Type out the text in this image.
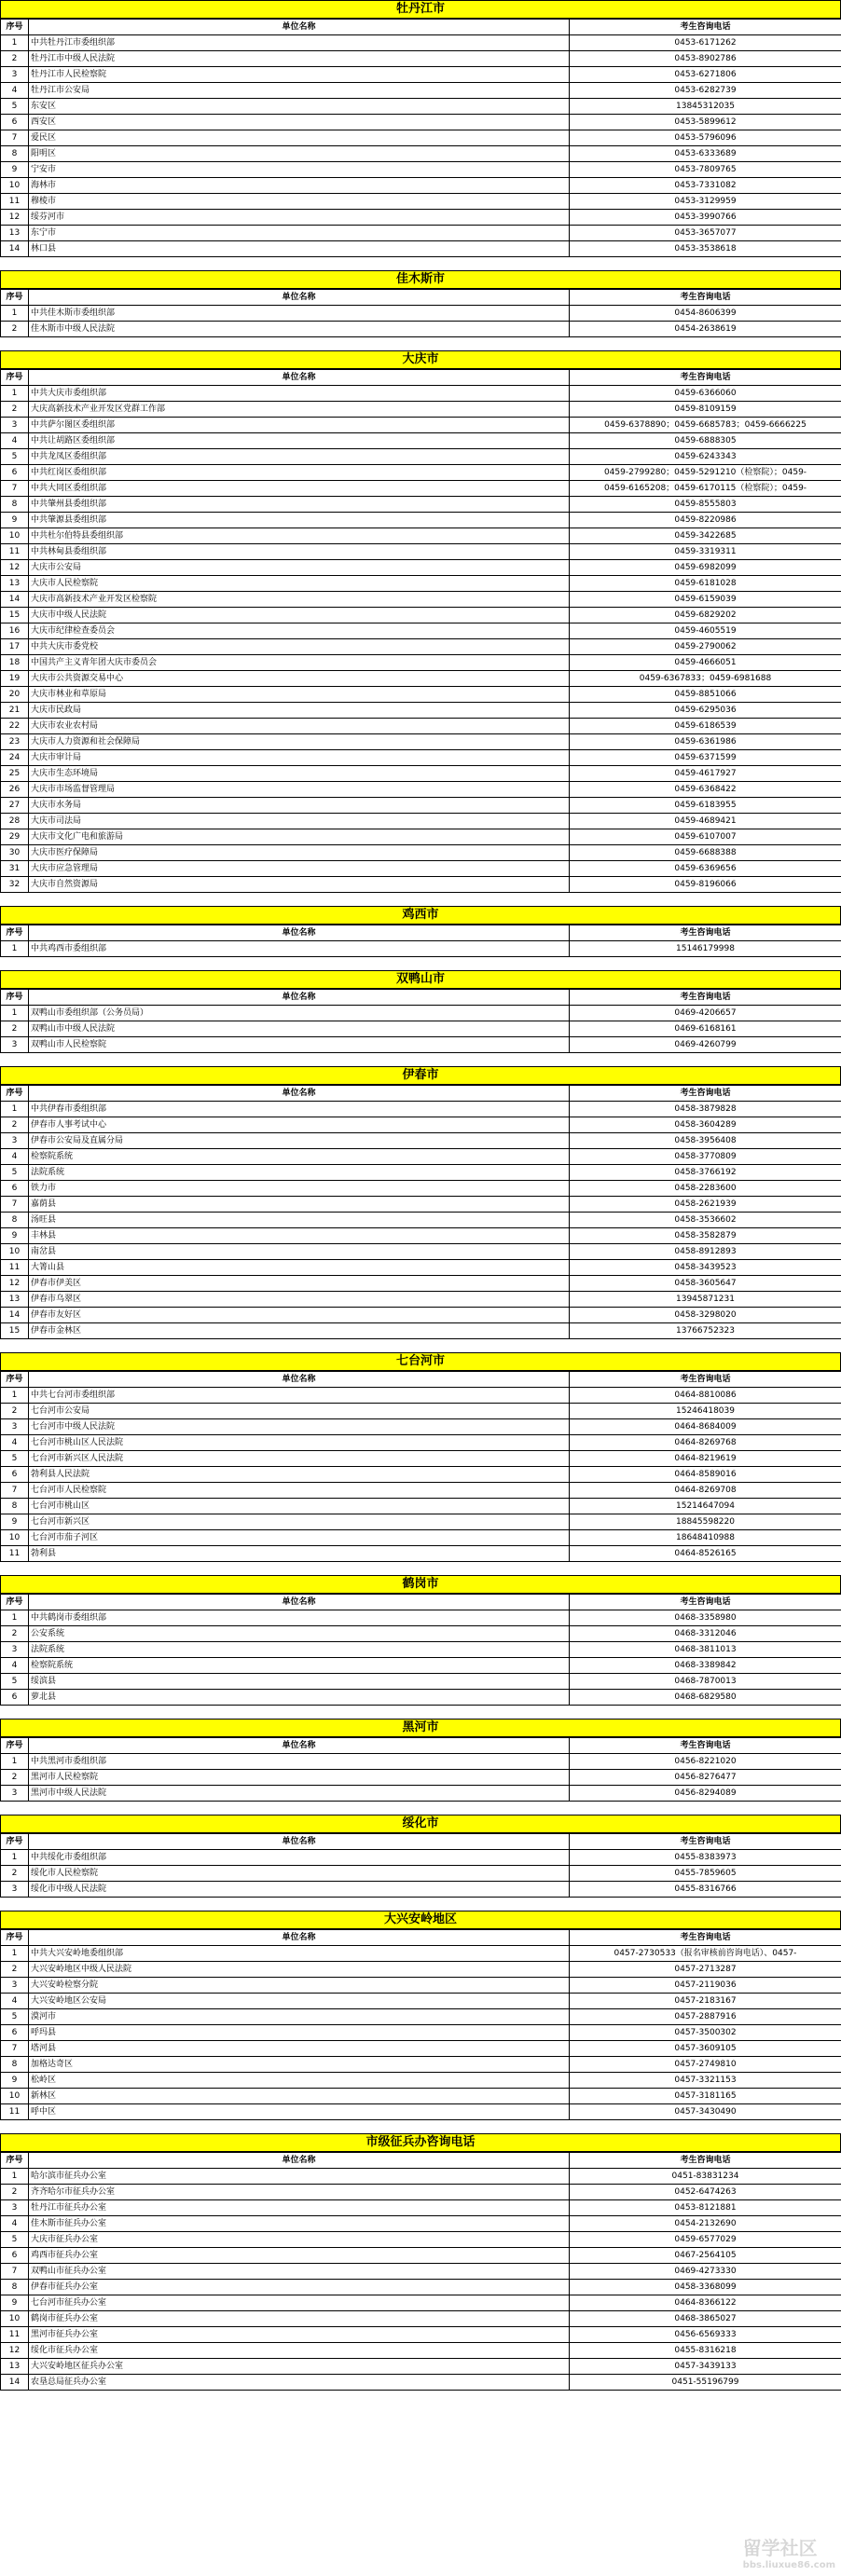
牡丹江市
序号	单位名称	考生咨询电话
1	中共牡丹江市委组织部	0453-6171262
2	牡丹江市中级人民法院	0453-8902786
3	牡丹江市人民检察院	0453-6271806
4	牡丹江市公安局	0453-6282739
5	东安区	13845312035
6	西安区	0453-5899612
7	爱民区	0453-5796096
8	阳明区	0453-6333689
9	宁安市	0453-7809765
10	海林市	0453-7331082
11	穆棱市	0453-3129959
12	绥芬河市	0453-3990766
13	东宁市	0453-3657077
14	林口县	0453-3538618
佳木斯市
序号	单位名称	考生咨询电话
1	中共佳木斯市委组织部	0454-8606399
2	佳木斯市中级人民法院	0454-2638619
大庆市
序号	单位名称	考生咨询电话
1	中共大庆市委组织部	0459-6366060
2	大庆高新技术产业开发区党群工作部	0459-8109159
3	中共萨尔图区委组织部	0459-6378890；0459-6685783；0459-6666225
4	中共让胡路区委组织部	0459-6888305
5	中共龙凤区委组织部	0459-6243343
6	中共红岗区委组织部	0459-2799280；0459-5291210（检察院）；0459-
7	中共大同区委组织部	0459-6165208；0459-6170115（检察院）；0459-
8	中共肇州县委组织部	0459-8555803
9	中共肇源县委组织部	0459-8220986
10	中共杜尔伯特县委组织部	0459-3422685
11	中共林甸县委组织部	0459-3319311
12	大庆市公安局	0459-6982099
13	大庆市人民检察院	0459-6181028
14	大庆市高新技术产业开发区检察院	0459-6159039
15	大庆市中级人民法院	0459-6829202
16	大庆市纪律检查委员会	0459-4605519
17	中共大庆市委党校	0459-2790062
18	中国共产主义青年团大庆市委员会	0459-4666051
19	大庆市公共资源交易中心	0459-6367833；0459-6981688
20	大庆市林业和草原局	0459-8851066
21	大庆市民政局	0459-6295036
22	大庆市农业农村局	0459-6186539
23	大庆市人力资源和社会保障局	0459-6361986
24	大庆市审计局	0459-6371599
25	大庆市生态环境局	0459-4617927
26	大庆市市场监督管理局	0459-6368422
27	大庆市水务局	0459-6183955
28	大庆市司法局	0459-4689421
29	大庆市文化广电和旅游局	0459-6107007
30	大庆市医疗保障局	0459-6688388
31	大庆市应急管理局	0459-6369656
32	大庆市自然资源局	0459-8196066
鸡西市
序号	单位名称	考生咨询电话
1	中共鸡西市委组织部	15146179998
双鸭山市
序号	单位名称	考生咨询电话
1	双鸭山市委组织部（公务员局）	0469-4206657
2	双鸭山市中级人民法院	0469-6168161
3	双鸭山市人民检察院	0469-4260799
伊春市
序号	单位名称	考生咨询电话
1	中共伊春市委组织部	0458-3879828
2	伊春市人事考试中心	0458-3604289
3	伊春市公安局及直属分局	0458-3956408
4	检察院系统	0458-3770809
5	法院系统	0458-3766192
6	铁力市	0458-2283600
7	嘉荫县	0458-2621939
8	汤旺县	0458-3536602
9	丰林县	0458-3582879
10	南岔县	0458-8912893
11	大箐山县	0458-3439523
12	伊春市伊美区	0458-3605647
13	伊春市乌翠区	13945871231
14	伊春市友好区	0458-3298020
15	伊春市金林区	13766752323
七台河市
序号	单位名称	考生咨询电话
1	中共七台河市委组织部	0464-8810086
2	七台河市公安局	15246418039
3	七台河市中级人民法院	0464-8684009
4	七台河市桃山区人民法院	0464-8269768
5	七台河市新兴区人民法院	0464-8219619
6	勃利县人民法院	0464-8589016
7	七台河市人民检察院	0464-8269708
8	七台河市桃山区	15214647094
9	七台河市新兴区	18845598220
10	七台河市茄子河区	18648410988
11	勃利县	0464-8526165
鹤岗市
序号	单位名称	考生咨询电话
1	中共鹤岗市委组织部	0468-3358980
2	公安系统	0468-3312046
3	法院系统	0468-3811013
4	检察院系统	0468-3389842
5	绥滨县	0468-7870013
6	萝北县	0468-6829580
黑河市
序号	单位名称	考生咨询电话
1	中共黑河市委组织部	0456-8221020
2	黑河市人民检察院	0456-8276477
3	黑河市中级人民法院	0456-8294089
绥化市
序号	单位名称	考生咨询电话
1	中共绥化市委组织部	0455-8383973
2	绥化市人民检察院	0455-7859605
3	绥化市中级人民法院	0455-8316766
大兴安岭地区
序号	单位名称	考生咨询电话
1	中共大兴安岭地委组织部	0457-2730533（报名审核前咨询电话）、0457-
2	大兴安岭地区中级人民法院	0457-2713287
3	大兴安岭检察分院	0457-2119036
4	大兴安岭地区公安局	0457-2183167
5	漠河市	0457-2887916
6	呼玛县	0457-3500302
7	塔河县	0457-3609105
8	加格达奇区	0457-2749810
9	松岭区	0457-3321153
10	新林区	0457-3181165
11	呼中区	0457-3430490
市级征兵办咨询电话
序号	单位名称	考生咨询电话
1	哈尔滨市征兵办公室	0451-83831234
2	齐齐哈尔市征兵办公室	0452-6474263
3	牡丹江市征兵办公室	0453-8121881
4	佳木斯市征兵办公室	0454-2132690
5	大庆市征兵办公室	0459-6577029
6	鸡西市征兵办公室	0467-2564105
7	双鸭山市征兵办公室	0469-4273330
8	伊春市征兵办公室	0458-3368099
9	七台河市征兵办公室	0464-8366122
10	鹤岗市征兵办公室	0468-3865027
11	黑河市征兵办公室	0456-6569333
12	绥化市征兵办公室	0455-8316218
13	大兴安岭地区征兵办公室	0457-3439133
14	农垦总局征兵办公室	0451-55196799
留学社区
bbs.liuxue86.com
